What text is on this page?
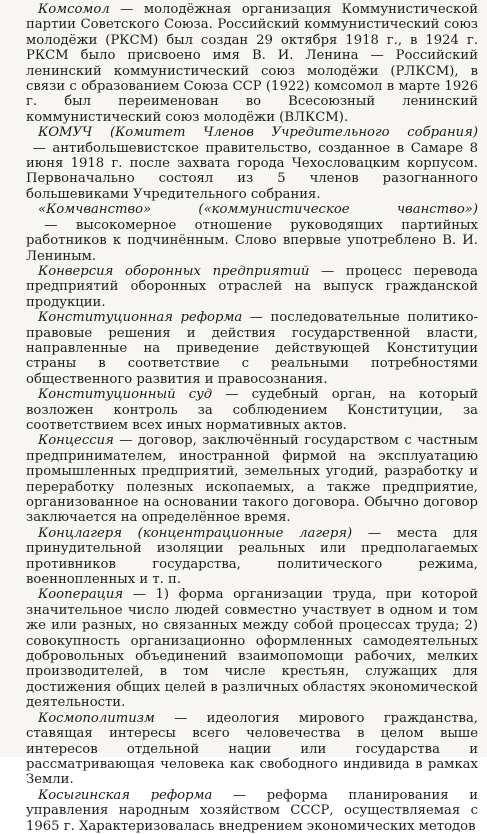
Комсомол — молодёжная организация Коммунистической партии Советского Союза. Российский коммунистический союз молодёжи (РКСМ) был создан 29 октября 1918 г., в 1924 г. РКСМ было присвоено имя В. И. Ленина — Российский ленинский коммунистический союз молодёжи (РЛКСМ), в связи с образованием Союза ССР (1922) комсомол в марте 1926 г. был переименован во Всесоюзный ленинский коммунистический союз молодёжи (ВЛКСМ).

КОМУЧ (Комитет Членов Учредительного собрания) — антибольшевистское правительство, созданное в Самаре 8 июня 1918 г. после захвата города Чехословацким корпусом. Первоначально состоял из 5 членов разогнанного большевиками Учредительного собрания.

«Комчванство» («коммунистическое чванство») — высокомерное отношение руководящих партийных работников к подчинённым. Слово впервые употреблено В. И. Лениным.

Конверсия оборонных предприятий — процесс перевода предприятий оборонных отраслей на выпуск гражданской продукции.

Конституционная реформа — последовательные политико-правовые решения и действия государственной власти, направленные на приведение действующей Конституции страны в соответствие с реальными потребностями общественного развития и правосознания.

Конституционный суд — судебный орган, на который возложен контроль за соблюдением Конституции, за соответствием всех иных нормативных актов.

Концессия — договор, заключённый государством с частным предпринимателем, иностранной фирмой на эксплуатацию промышленных предприятий, земельных угодий, разработку и переработку полезных ископаемых, а также предприятие, организованное на основании такого договора. Обычно договор заключается на определённое время.

Концлагеря (концентрационные лагеря) — места для принудительной изоляции реальных или предполагаемых противников государства, политического режима, военнопленных и т. п.

Кооперация — 1) форма организации труда, при которой значительное число людей совместно участвует в одном и том же или разных, но связанных между собой процессах труда; 2) совокупность организационно оформленных самодеятельных добровольных объединений взаимопомощи рабочих, мелких производителей, в том числе крестьян, служащих для достижения общих целей в различных областях экономической деятельности.

Космополитизм — идеология мирового гражданства, ставящая интересы всего человечества в целом выше интересов отдельной нации или государства и рассматривающая человека как свободного индивида в рамках Земли.

Косыгинская реформа — реформа планирования и управления народным хозяйством СССР, осуществляемая с 1965 г. Характеризовалась внедрением экономических методов
